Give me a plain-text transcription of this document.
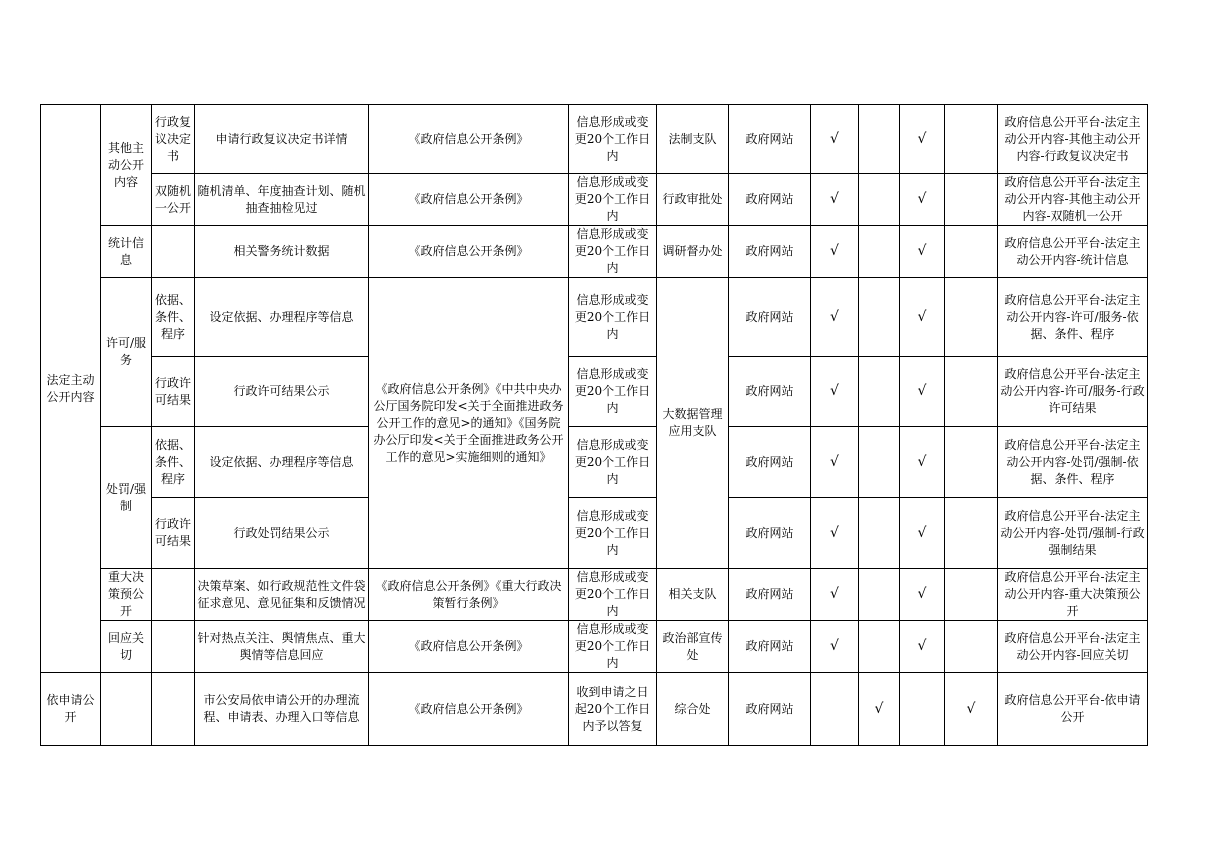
法定主动公开内容	其他主动公开内容	行政复议决定书	申请行政复议决定书详情	《政府信息公开条例》	信息形成或变更20个工作日内	法制支队	政府网站	√		√		政府信息公开平台-法定主动公开内容-其他主动公开内容-行政复议决定书
		双随机一公开	随机清单、年度抽查计划、随机抽查抽检见过	《政府信息公开条例》	信息形成或变更20个工作日内	行政审批处	政府网站	√		√		政府信息公开平台-法定主动公开内容-其他主动公开内容-双随机一公开
	统计信息		相关警务统计数据	《政府信息公开条例》	信息形成或变更20个工作日内	调研督办处	政府网站	√		√		政府信息公开平台-法定主动公开内容-统计信息
	许可/服务	依据、条件、程序	设定依据、办理程序等信息	《政府信息公开条例》《中共中央办公厅国务院印发<关于全面推进政务公开工作的意见>的通知》《国务院办公厅印发<关于全面推进政务公开工作的意见>实施细则的通知》	信息形成或变更20个工作日内	大数据管理应用支队	政府网站	√		√		政府信息公开平台-法定主动公开内容-许可/服务-依据、条件、程序
		行政许可结果	行政许可结果公示		信息形成或变更20个工作日内		政府网站	√		√		政府信息公开平台-法定主动公开内容-许可/服务-行政许可结果
	处罚/强制	依据、条件、程序	设定依据、办理程序等信息		信息形成或变更20个工作日内		政府网站	√		√		政府信息公开平台-法定主动公开内容-处罚/强制-依据、条件、程序
		行政许可结果	行政处罚结果公示		信息形成或变更20个工作日内		政府网站	√		√		政府信息公开平台-法定主动公开内容-处罚/强制-行政强制结果
	重大决策预公开		决策草案、如行政规范性文件袋征求意见、意见征集和反馈情况	《政府信息公开条例》《重大行政决策暂行条例》	信息形成或变更20个工作日内	相关支队	政府网站	√		√		政府信息公开平台-法定主动公开内容-重大决策预公开
	回应关切		针对热点关注、舆情焦点、重大舆情等信息回应	《政府信息公开条例》	信息形成或变更20个工作日内	政治部宣传处	政府网站	√		√		政府信息公开平台-法定主动公开内容-回应关切
依申请公开			市公安局依申请公开的办理流程、申请表、办理入口等信息	《政府信息公开条例》	收到申请之日起20个工作日内予以答复	综合处	政府网站		√		√	政府信息公开平台-依申请公开
